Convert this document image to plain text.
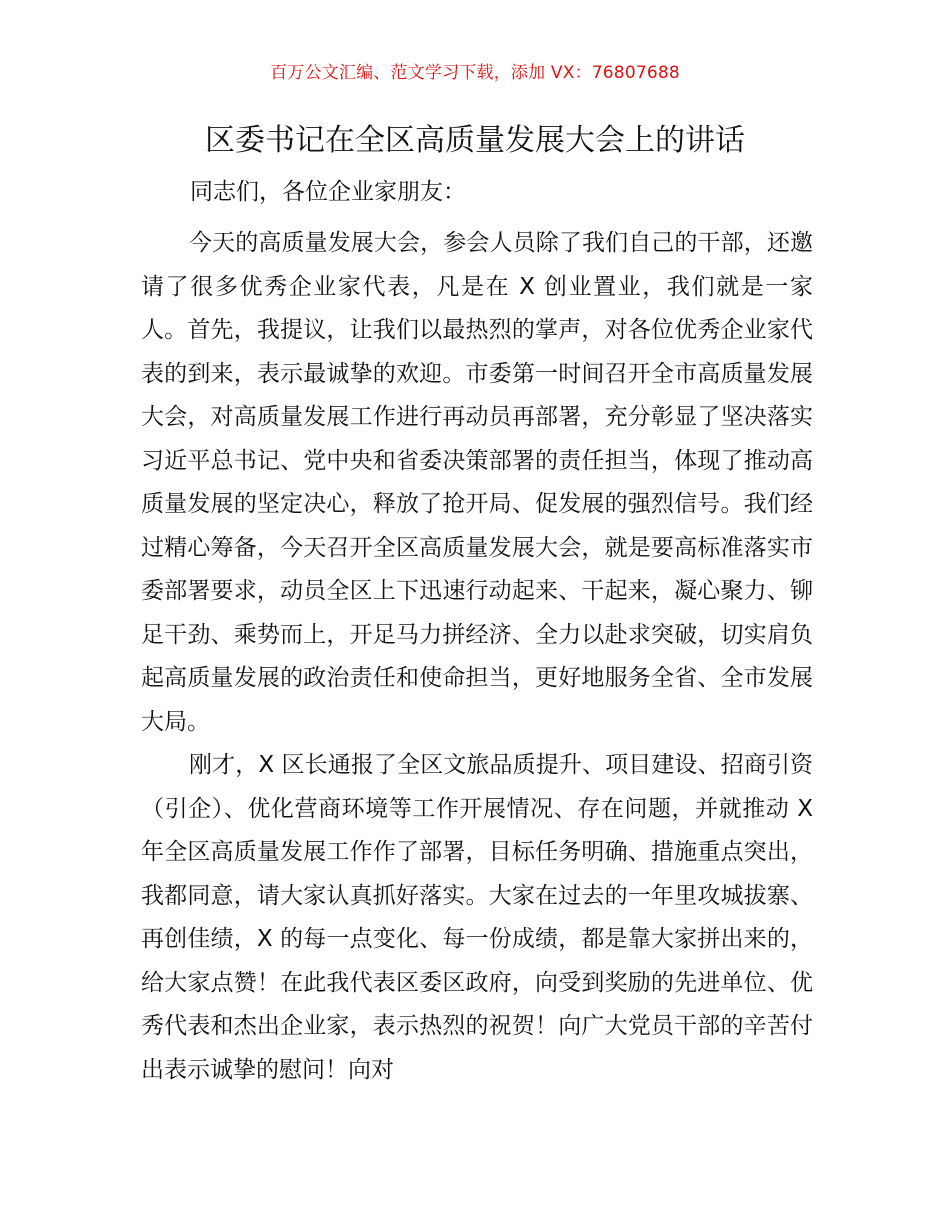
百万公文汇编、范文学习下载，添加 VX：76807688
区委书记在全区高质量发展大会上的讲话

同志们，各位企业家朋友：

今天的高质量发展大会，参会人员除了我们自己的干部，还邀请了很多优秀企业家代表，凡是在 X 创业置业，我们就是一家人。首先，我提议，让我们以最热烈的掌声，对各位优秀企业家代表的到来，表示最诚挚的欢迎。市委第一时间召开全市高质量发展大会，对高质量发展工作进行再动员再部署，充分彰显了坚决落实习近平总书记、党中央和省委决策部署的责任担当，体现了推动高质量发展的坚定决心，释放了抢开局、促发展的强烈信号。我们经过精心筹备，今天召开全区高质量发展大会，就是要高标准落实市委部署要求，动员全区上下迅速行动起来、干起来，凝心聚力、铆足干劲、乘势而上，开足马力拼经济、全力以赴求突破，切实肩负起高质量发展的政治责任和使命担当，更好地服务全省、全市发展大局。

刚才，X 区长通报了全区文旅品质提升、项目建设、招商引资（引企）、优化营商环境等工作开展情况、存在问题，并就推动 X 年全区高质量发展工作作了部署，目标任务明确、措施重点突出，我都同意，请大家认真抓好落实。大家在过去的一年里攻城拔寨、再创佳绩，X 的每一点变化、每一份成绩，都是靠大家拼出来的，给大家点赞！在此我代表区委区政府，向受到奖励的先进单位、优秀代表和杰出企业家，表示热烈的祝贺！向广大党员干部的辛苦付出表示诚挚的慰问！向对
